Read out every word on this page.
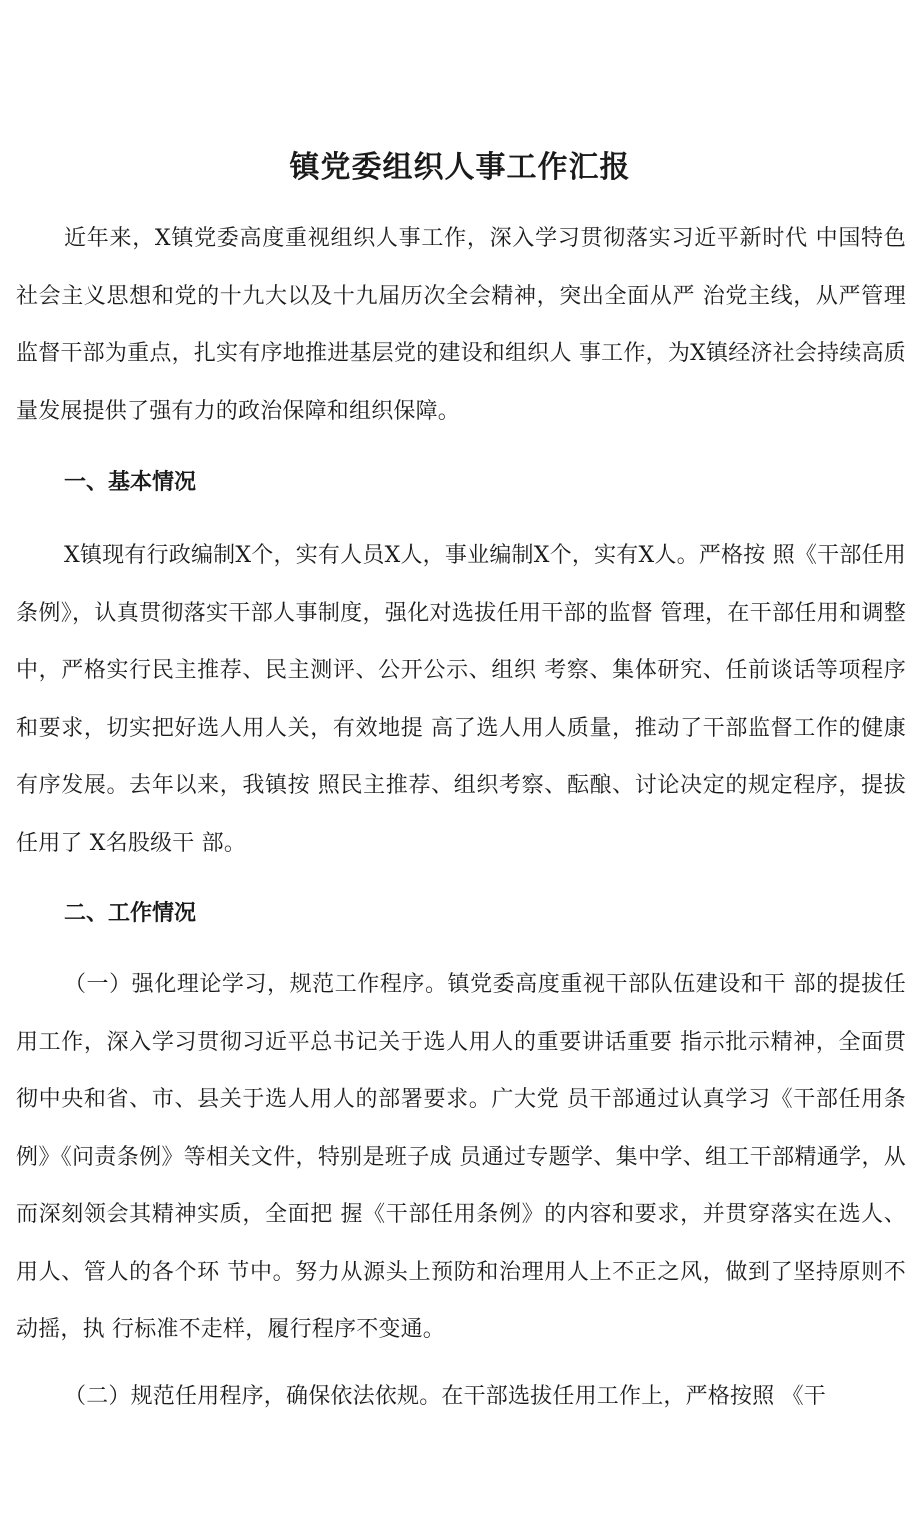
镇党委组织人事工作汇报

近年来，X镇党委高度重视组织人事工作，深入学习贯彻落实习近平新时代 中国特色社会主义思想和党的十九大以及十九届历次全会精神，突出全面从严 治党主线，从严管理监督干部为重点，扎实有序地推进基层党的建设和组织人 事工作，为X镇经济社会持续高质量发展提供了强有力的政治保障和组织保障。

一、基本情况

X镇现有行政编制X个，实有人员X人，事业编制X个，实有X人。严格按 照《干部任用条例》，认真贯彻落实干部人事制度，强化对选拔任用干部的监督 管理，在干部任用和调整中，严格实行民主推荐、民主测评、公开公示、组织 考察、集体研究、任前谈话等项程序和要求，切实把好选人用人关，有效地提 高了选人用人质量，推动了干部监督工作的健康有序发展。去年以来，我镇按 照民主推荐、组织考察、酝酿、讨论决定的规定程序，提拔任用了 X名股级干 部。

二、工作情况

（一）强化理论学习，规范工作程序。镇党委高度重视干部队伍建设和干 部的提拔任用工作，深入学习贯彻习近平总书记关于选人用人的重要讲话重要 指示批示精神，全面贯彻中央和省、市、县关于选人用人的部署要求。广大党 员干部通过认真学习《干部任用条例》《问责条例》等相关文件，特别是班子成 员通过专题学、集中学、组工干部精通学，从而深刻领会其精神实质，全面把 握《干部任用条例》的内容和要求，并贯穿落实在选人、用人、管人的各个环 节中。努力从源头上预防和治理用人上不正之风，做到了坚持原则不动摇，执 行标准不走样，履行程序不变通。

（二）规范任用程序，确保依法依规。在干部选拔任用工作上，严格按照 《干
